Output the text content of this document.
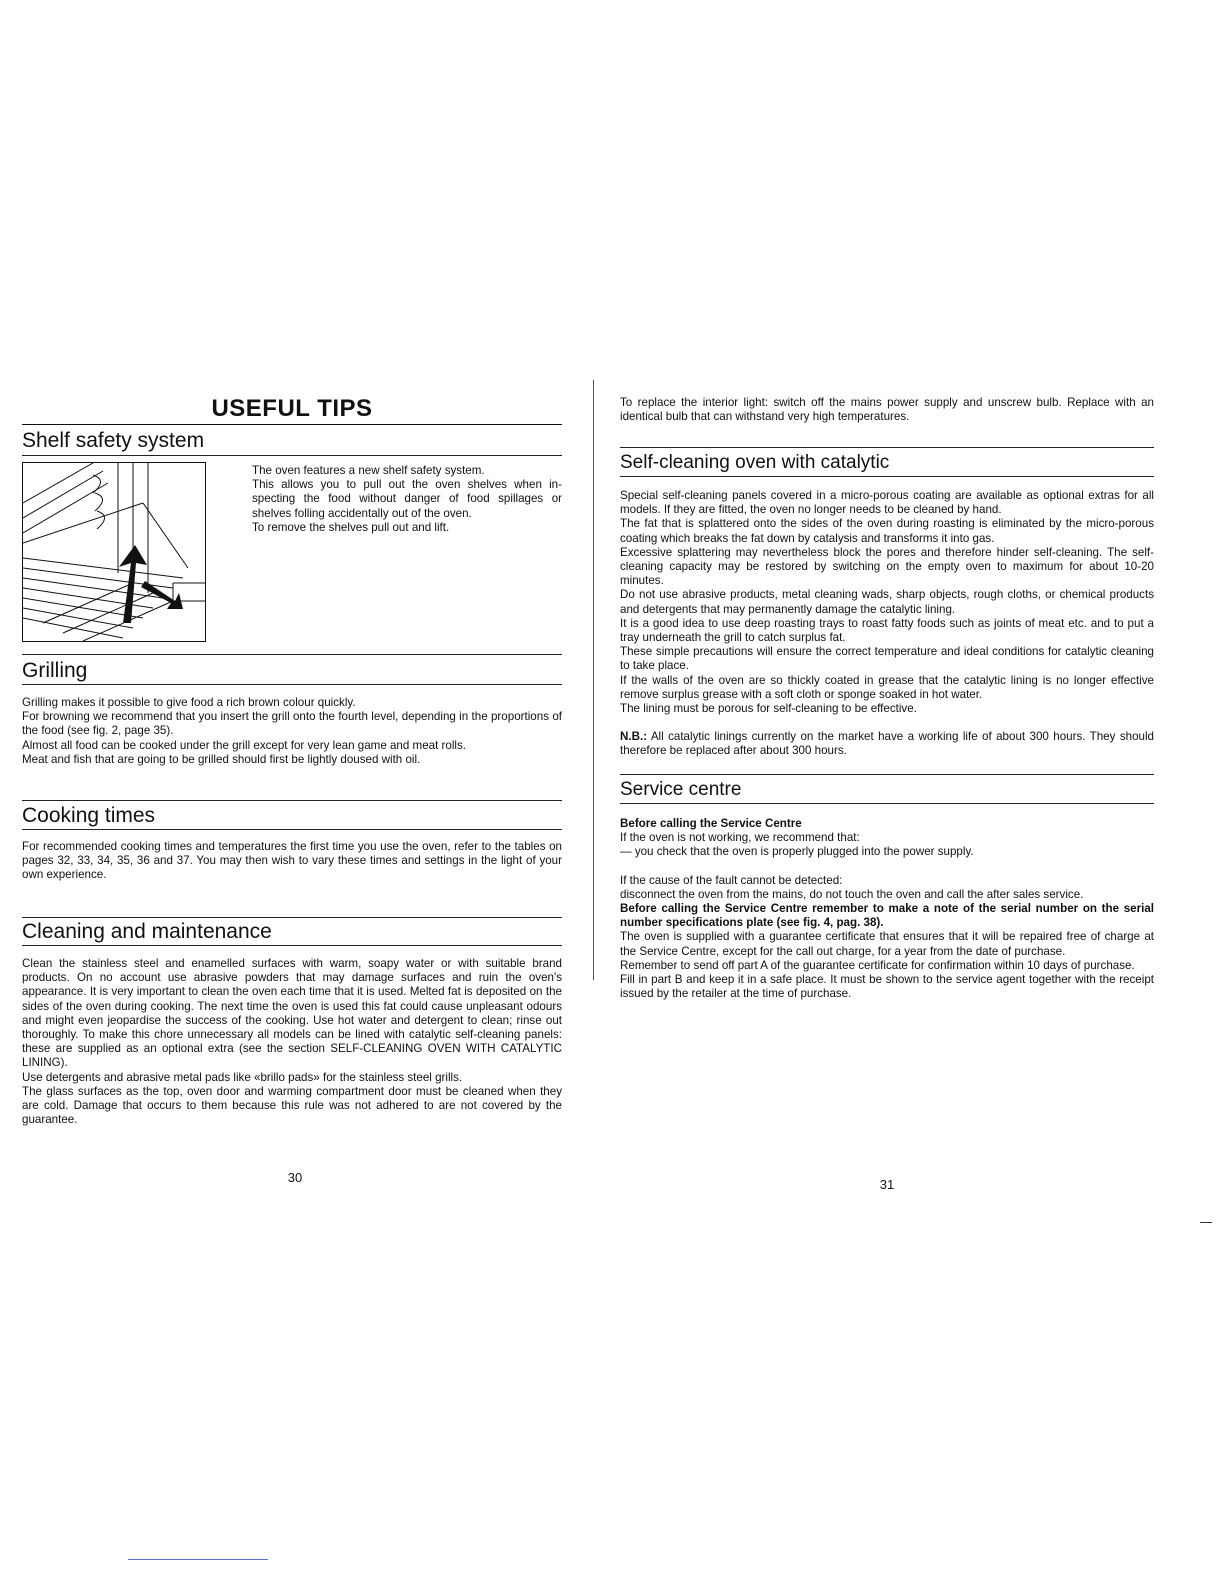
USEFUL TIPS
Shelf safety system

The oven features a new shelf safety system.

This allows you to pull out the oven shelves when in-specting the food without danger of food spillages or shelves folling accidentally out of the oven.

To remove the shelves pull out and lift.

Grilling

Grilling makes it possible to give food a rich brown colour quickly.

For browning we recommend that you insert the grill onto the fourth level, depending in the proportions of the food (see fig. 2, page 35).

Almost all food can be cooked under the grill except for very lean game and meat rolls.

Meat and fish that are going to be grilled should first be lightly doused with oil.

Cooking times
For recommended cooking times and temperatures the first time you use the oven, refer to the tables on pages 32, 33, 34, 35, 36 and 37. You may then wish to vary these times and settings in the light of your own experience.
Cleaning and maintenance

Clean the stainless steel and enamelled surfaces with warm, soapy water or with suitable brand products. On no account use abrasive powders that may damage surfaces and ruin the oven's appearance. It is very important to clean the oven each time that it is used. Melted fat is deposited on the sides of the oven during cooking. The next time the oven is used this fat could cause unpleasant odours and might even jeopardise the success of the cooking. Use hot water and detergent to clean; rinse out thoroughly. To make this chore unnecessary all models can be lined with catalytic self-cleaning panels: these are supplied as an optional extra (see the section SELF-CLEANING OVEN WITH CATALYTIC LINING).

Use detergents and abrasive metal pads like «brillo pads» for the stainless steel grills.

The glass surfaces as the top, oven door and warming compartment door must be cleaned when they are cold. Damage that occurs to them because this rule was not adhered to are not covered by the guarantee.

30
To replace the interior light: switch off the mains power supply and unscrew bulb. Replace with an identical bulb that can withstand very high temperatures.
Self-cleaning oven with catalytic

Special self-cleaning panels covered in a micro-porous coating are available as optional extras for all models. If they are fitted, the oven no longer needs to be cleaned by hand.

The fat that is splattered onto the sides of the oven during roasting is eliminated by the micro-porous coating which breaks the fat down by catalysis and transforms it into gas.

Excessive splattering may nevertheless block the pores and therefore hinder self-cleaning. The self-cleaning capacity may be restored by switching on the empty oven to maximum for about 10-20 minutes.

Do not use abrasive products, metal cleaning wads, sharp objects, rough cloths, or chemical products and detergents that may permanently damage the catalytic lining.

It is a good idea to use deep roasting trays to roast fatty foods such as joints of meat etc. and to put a tray underneath the grill to catch surplus fat.

These simple precautions will ensure the correct temperature and ideal conditions for catalytic cleaning to take place.

If the walls of the oven are so thickly coated in grease that the catalytic lining is no longer effective remove surplus grease with a soft cloth or sponge soaked in hot water.

The lining must be porous for self-cleaning to be effective.

N.B.: All catalytic linings currently on the market have a working life of about 300 hours. They should therefore be replaced after about 300 hours.

Service centre

Before calling the Service Centre

If the oven is not working, we recommend that:

— you check that the oven is properly plugged into the power supply.

If the cause of the fault cannot be detected:

disconnect the oven from the mains, do not touch the oven and call the after sales service.

Before calling the Service Centre remember to make a note of the serial number on the serial number specifications plate (see fig. 4, pag. 38).

The oven is supplied with a guarantee certificate that ensures that it will be repaired free of charge at the Service Centre, except for the call out charge, for a year from the date of purchase.

Remember to send off part A of the guarantee certificate for confirmation within 10 days of purchase.

Fill in part B and keep it in a safe place. It must be shown to the service agent together with the receipt issued by the retailer at the time of purchase.

31
